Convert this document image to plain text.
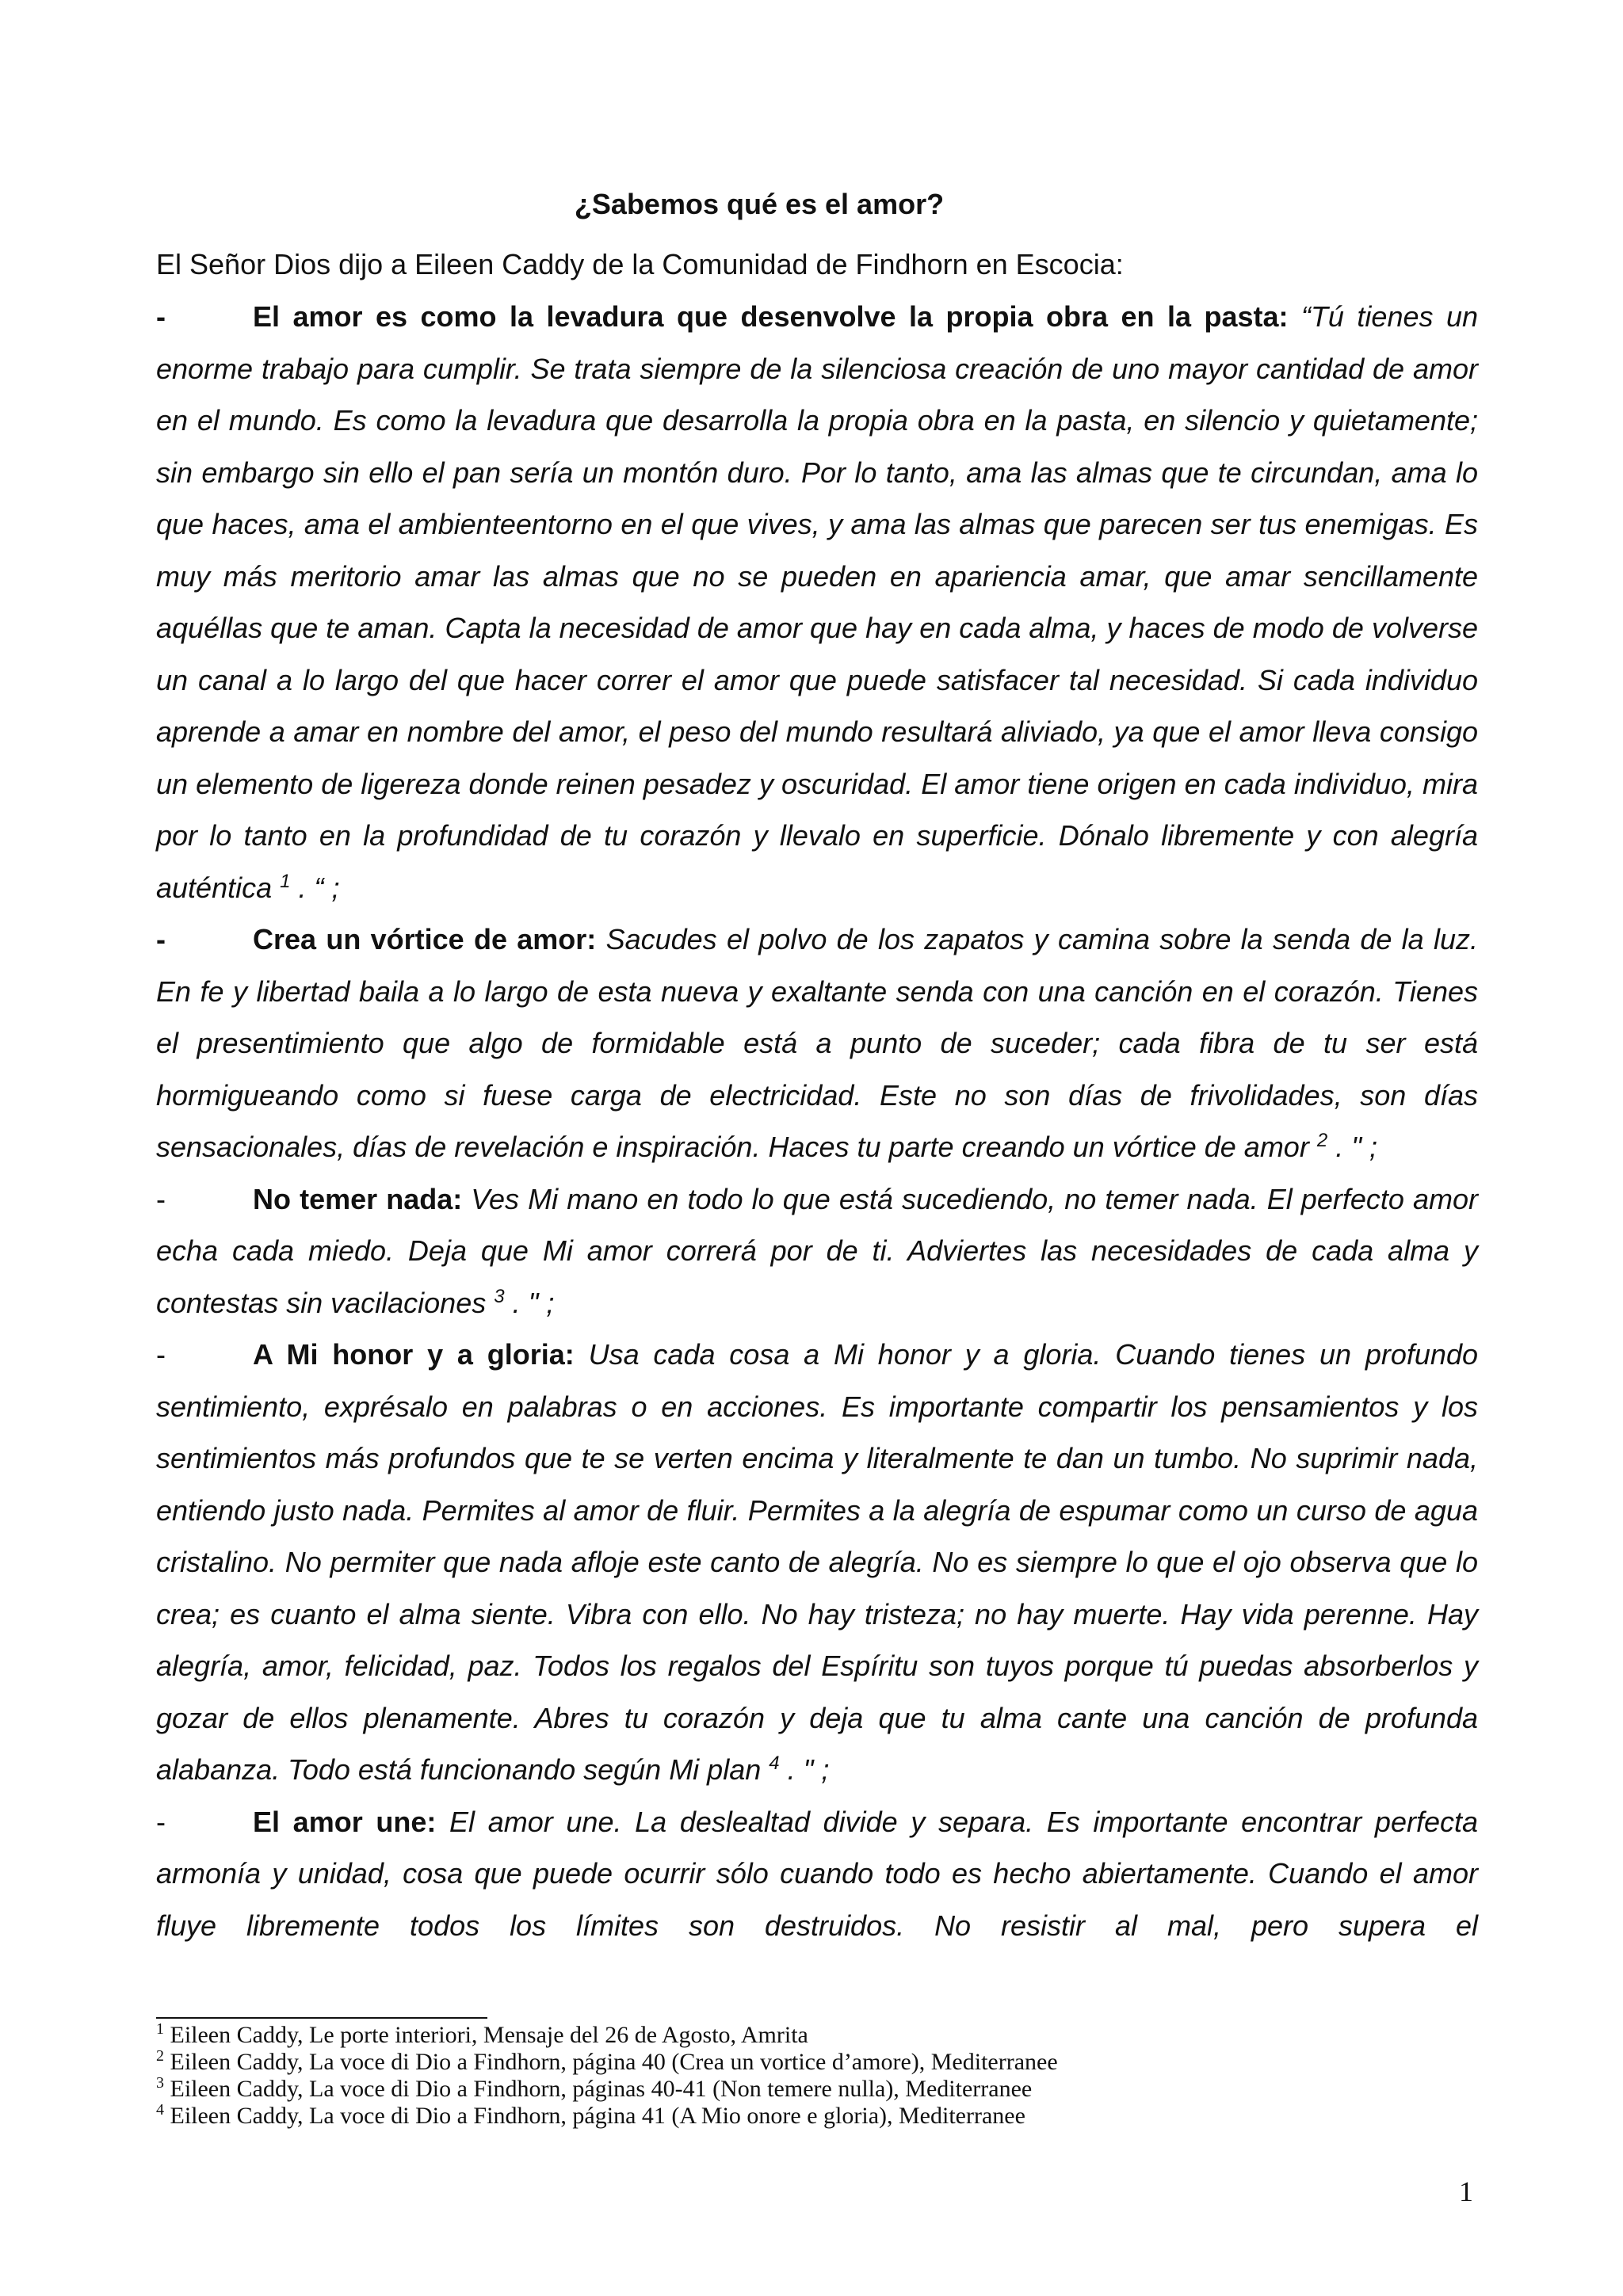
¿Sabemos qué es el amor?
El Señor Dios dijo a Eileen Caddy de la Comunidad de Findhorn en Escocia:

-	El amor es como la levadura que desenvolve la propia obra en la pasta: “Tú tienes un enorme trabajo para cumplir. Se trata siempre de la silenciosa creación de uno mayor cantidad de amor en el mundo. Es como la levadura que desarrolla la propia obra en la pasta, en silencio y quietamente; sin embargo sin ello el pan sería un montón duro. Por lo tanto, ama las almas que te circundan, ama lo que haces, ama el ambienteentorno en el que vives, y ama las almas que parecen ser tus enemigas. Es muy más meritorio amar las almas que no se pueden en apariencia amar, que amar sencillamente aquéllas que te aman. Capta la necesidad de amor que hay en cada alma, y haces de modo de volverse un canal a lo largo del que hacer correr el amor que puede satisfacer tal necesidad. Si cada individuo aprende a amar en nombre del amor, el peso del mundo resultará aliviado, ya que el amor lleva consigo un elemento de ligereza donde reinen pesadez y oscuridad. El amor tiene origen en cada individuo, mira por lo tanto en la profundidad de tu corazón y llevalo en superficie. Dónalo libremente y con alegría auténtica $^1$ . “ ;

-	Crea un vórtice de amor: Sacudes el polvo de los zapatos y camina sobre la senda de la luz. En fe y libertad baila a lo largo de esta nueva y exaltante senda con una canción en el corazón. Tienes el presentimiento que algo de formidable está a punto de suceder; cada fibra de tu ser está hormigueando como si fuese carga de electricidad. Este no son días de frivolidades, son días sensacionales, días de revelación e inspiración. Haces tu parte creando un vórtice de amor $^2$ . " ;

-	No temer nada: Ves Mi mano en todo lo que está sucediendo, no temer nada. El perfecto amor echa cada miedo. Deja que Mi amor correrá por de ti. Adviertes las necesidades de cada alma y contestas sin vacilaciones $^3$ . " ;

-	A Mi honor y a gloria: Usa cada cosa a Mi honor y a gloria. Cuando tienes un profundo sentimiento, exprésalo en palabras o en acciones. Es importante compartir los pensamientos y los sentimientos más profundos que te se verten encima y literalmente te dan un tumbo. No suprimir nada, entiendo justo nada. Permites al amor de fluir. Permites a la alegría de espumar como un curso de agua cristalino. No permiter que nada afloje este canto de alegría. No es siempre lo que el ojo observa que lo crea; es cuanto el alma siente. Vibra con ello. No hay tristeza; no hay muerte. Hay vida perenne. Hay alegría, amor, felicidad, paz. Todos los regalos del Espíritu son tuyos porque tú puedas absorberlos y gozar de ellos plenamente. Abres tu corazón y deja que tu alma cante una canción de profunda alabanza. Todo está funcionando según Mi plan $^4$ . " ;

-	El amor une: El amor une. La deslealtad divide y separa. Es importante encontrar perfecta armonía y unidad, cosa que puede ocurrir sólo cuando todo es hecho abiertamente. Cuando el amor fluye libremente todos los límites son destruidos. No resistir al mal, pero supera el

$^1$ Eileen Caddy, Le porte interiori, Mensaje del 26 de Agosto, Amrita
$^2$ Eileen Caddy, La voce di Dio a Findhorn, página 40 (Crea un vortice d’amore), Mediterranee
$^3$ Eileen Caddy, La voce di Dio a Findhorn, páginas 40-41 (Non temere nulla), Mediterranee
$^4$ Eileen Caddy, La voce di Dio a Findhorn, página 41 (A Mio onore e gloria), Mediterranee
1
